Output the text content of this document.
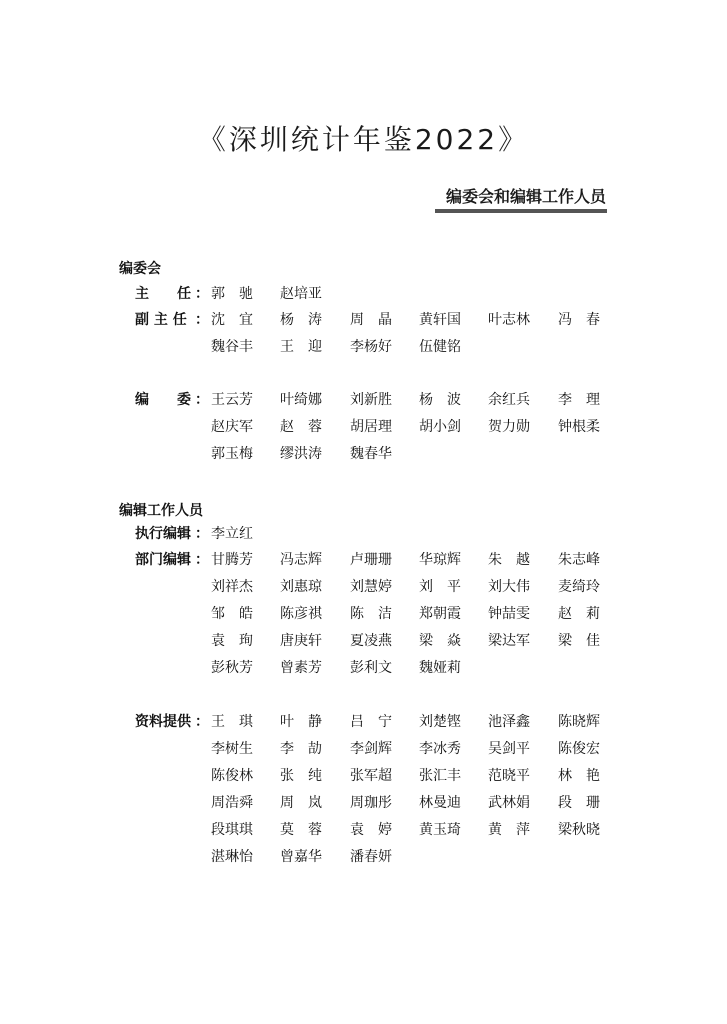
《深圳统计年鉴2022》
编委会和编辑工作人员
编委会
编辑工作人员
主　　任 ： 郭　驰 赵培亚
副 主 任 ： 沈　宜 杨　涛 周　晶 黄轩国 叶志林 冯　春
魏谷丰 王　迎 李杨好 伍健铭
编　　委 ： 王云芳 叶绮娜 刘新胜 杨　波 余红兵 李　理
赵庆军 赵　蓉 胡居理 胡小剑 贺力勋 钟根柔
郭玉梅 缪洪涛 魏春华
执行编辑 ： 李立红
部门编辑 ： 甘腾芳 冯志辉 卢珊珊 华琼辉 朱　越 朱志峰
刘祥杰 刘惠琼 刘慧婷 刘　平 刘大伟 麦绮玲
邹　皓 陈彦祺 陈　洁 郑朝霞 钟喆雯 赵　莉
袁　珣 唐庚轩 夏凌燕 梁　焱 梁达军 梁　佳
彭秋芳 曾素芳 彭利文 魏娅莉
资料提供 ： 王　琪 叶　静 吕　宁 刘楚铿 池泽鑫 陈晓辉
李树生 李　劼 李剑辉 李冰秀 吴剑平 陈俊宏
陈俊林 张　纯 张军超 张汇丰 范晓平 林　艳
周浩舜 周　岚 周珈彤 林曼迪 武林娟 段　珊
段琪琪 莫　蓉 袁　婷 黄玉琦 黄　萍 梁秋晓
湛琳怡 曾嘉华 潘春妍
